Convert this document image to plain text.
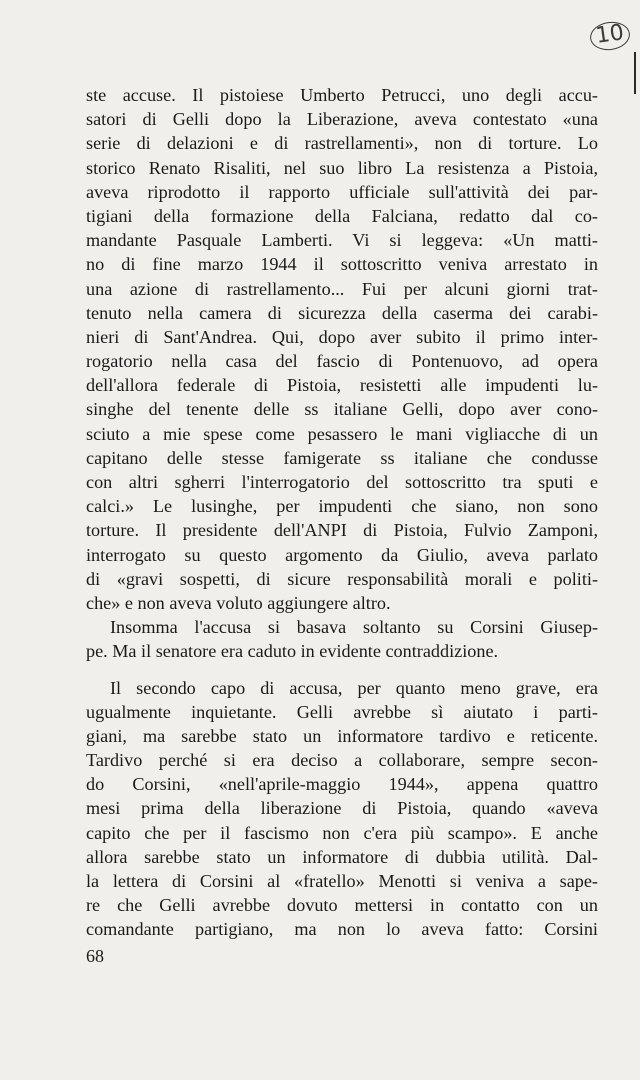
10
ste accuse. Il pistoiese Umberto Petrucci, uno degli accu-
satori di Gelli dopo la Liberazione, aveva contestato «una
serie di delazioni e di rastrellamenti», non di torture. Lo
storico Renato Risaliti, nel suo libro La resistenza a Pistoia,
aveva riprodotto il rapporto ufficiale sull'attività dei par-
tigiani della formazione della Falciana, redatto dal co-
mandante Pasquale Lamberti. Vi si leggeva: «Un matti-
no di fine marzo 1944 il sottoscritto veniva arrestato in
una azione di rastrellamento... Fui per alcuni giorni trat-
tenuto nella camera di sicurezza della caserma dei carabi-
nieri di Sant'Andrea. Qui, dopo aver subito il primo inter-
rogatorio nella casa del fascio di Pontenuovo, ad opera
dell'allora federale di Pistoia, resistetti alle impudenti lu-
singhe del tenente delle ss italiane Gelli, dopo aver cono-
sciuto a mie spese come pesassero le mani vigliacche di un
capitano delle stesse famigerate ss italiane che condusse
con altri sgherri l'interrogatorio del sottoscritto tra sputi e
calci.» Le lusinghe, per impudenti che siano, non sono
torture. Il presidente dell'ANPI di Pistoia, Fulvio Zamponi,
interrogato su questo argomento da Giulio, aveva parlato
di «gravi sospetti, di sicure responsabilità morali e politi-
che» e non aveva voluto aggiungere altro.
Insomma l'accusa si basava soltanto su Corsini Giusep-
pe. Ma il senatore era caduto in evidente contraddizione.
Il secondo capo di accusa, per quanto meno grave, era
ugualmente inquietante. Gelli avrebbe sì aiutato i parti-
giani, ma sarebbe stato un informatore tardivo e reticente.
Tardivo perché si era deciso a collaborare, sempre secon-
do Corsini, «nell'aprile-maggio 1944», appena quattro
mesi prima della liberazione di Pistoia, quando «aveva
capito che per il fascismo non c'era più scampo». E anche
allora sarebbe stato un informatore di dubbia utilità. Dal-
la lettera di Corsini al «fratello» Menotti si veniva a sape-
re che Gelli avrebbe dovuto mettersi in contatto con un
comandante partigiano, ma non lo aveva fatto: Corsini
68
